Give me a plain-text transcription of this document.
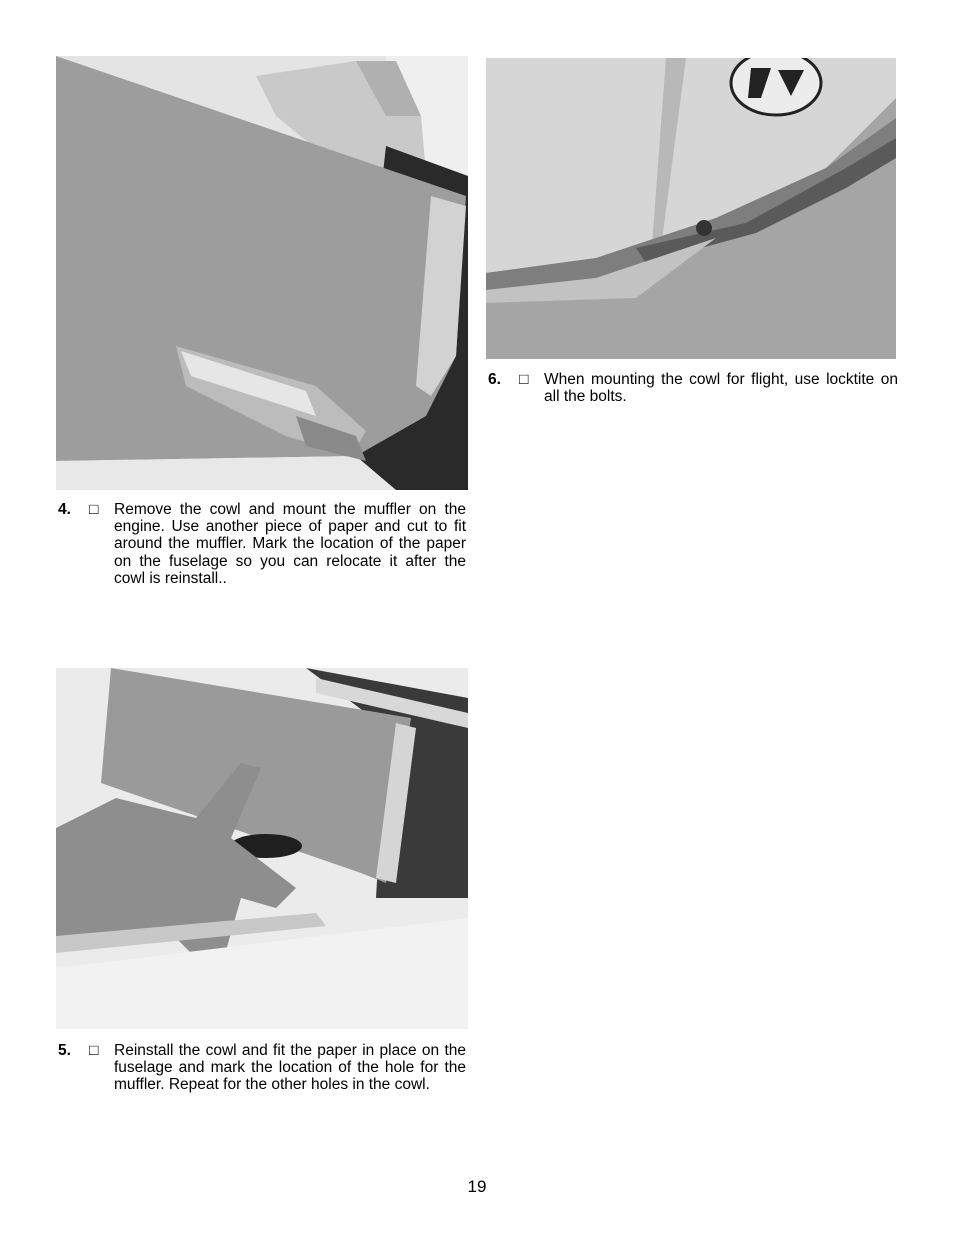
4. □ Remove the cowl and mount the muffler on the engine. Use another piece of paper and cut to fit around the muffler. Mark the location of the paper on the fuselage so you can relocate it after the cowl is reinstall..
5. □ Reinstall the cowl and fit the paper in place on the fuselage and mark the location of the hole for the muffler. Repeat for the other holes in the cowl.
6. □ When mounting the cowl for flight, use locktite on all the bolts.
19
